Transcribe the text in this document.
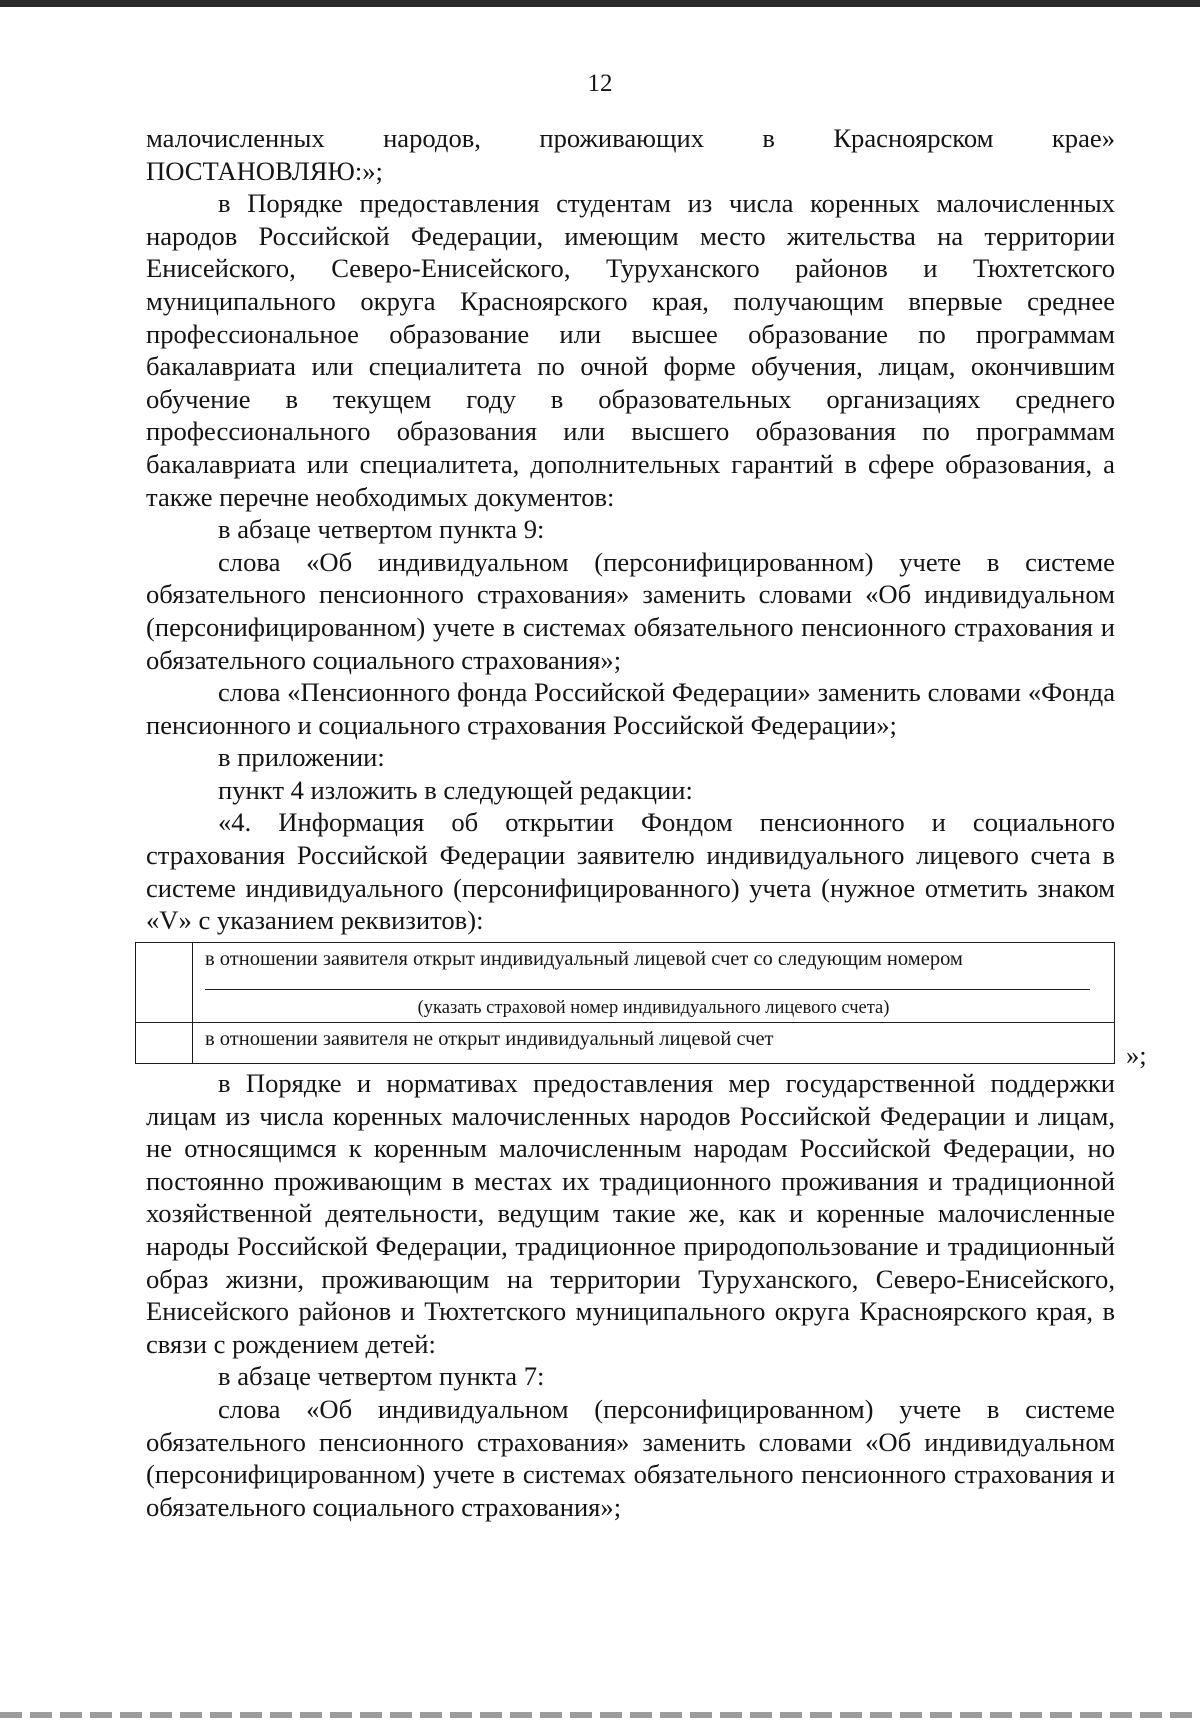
12

малочисленных народов, проживающих в Красноярском крае»
ПОСТАНОВЛЯЮ:»;

в Порядке предоставления студентам из числа коренных малочисленных народов Российской Федерации, имеющим место жительства на территории Енисейского, Северо-Енисейского, Туруханского районов и Тюхтетского муниципального округа Красноярского края, получающим впервые среднее профессиональное образование или высшее образование по программам бакалавриата или специалитета по очной форме обучения, лицам, окончившим обучение в текущем году в образовательных организациях среднего профессионального образования или высшего образования по программам бакалавриата или специалитета, дополнительных гарантий в сфере образования, а также перечне необходимых документов:

в абзаце четвертом пункта 9:

слова «Об индивидуальном (персонифицированном) учете в системе обязательного пенсионного страхования» заменить словами «Об индивидуальном (персонифицированном) учете в системах обязательного пенсионного страхования и обязательного социального страхования»;

слова «Пенсионного фонда Российской Федерации» заменить словами «Фонда пенсионного и социального страхования Российской Федерации»;

в приложении:

пункт 4 изложить в следующей редакции:

«4. Информация об открытии Фондом пенсионного и социального страхования Российской Федерации заявителю индивидуального лицевого счета в системе индивидуального (персонифицированного) учета (нужное отметить знаком «V» с указанием реквизитов):

	в отношении заявителя открыт индивидуальный лицевой счет со следующим номером
(указать страховой номер индивидуального лицевого счета)

	в отношении заявителя не открыт индивидуальный лицевой счет
»;

в Порядке и нормативах предоставления мер государственной поддержки лицам из числа коренных малочисленных народов Российской Федерации и лицам, не относящимся к коренным малочисленным народам Российской Федерации, но постоянно проживающим в местах их традиционного проживания и традиционной хозяйственной деятельности, ведущим такие же, как и коренные малочисленные народы Российской Федерации, традиционное природопользование и традиционный образ жизни, проживающим на территории Туруханского, Северо-Енисейского, Енисейского районов и Тюхтетского муниципального округа Красноярского края, в связи с рождением детей:

в абзаце четвертом пункта 7:

слова «Об индивидуальном (персонифицированном) учете в системе обязательного пенсионного страхования» заменить словами «Об индивидуальном (персонифицированном) учете в системах обязательного пенсионного страхования и обязательного социального страхования»;
